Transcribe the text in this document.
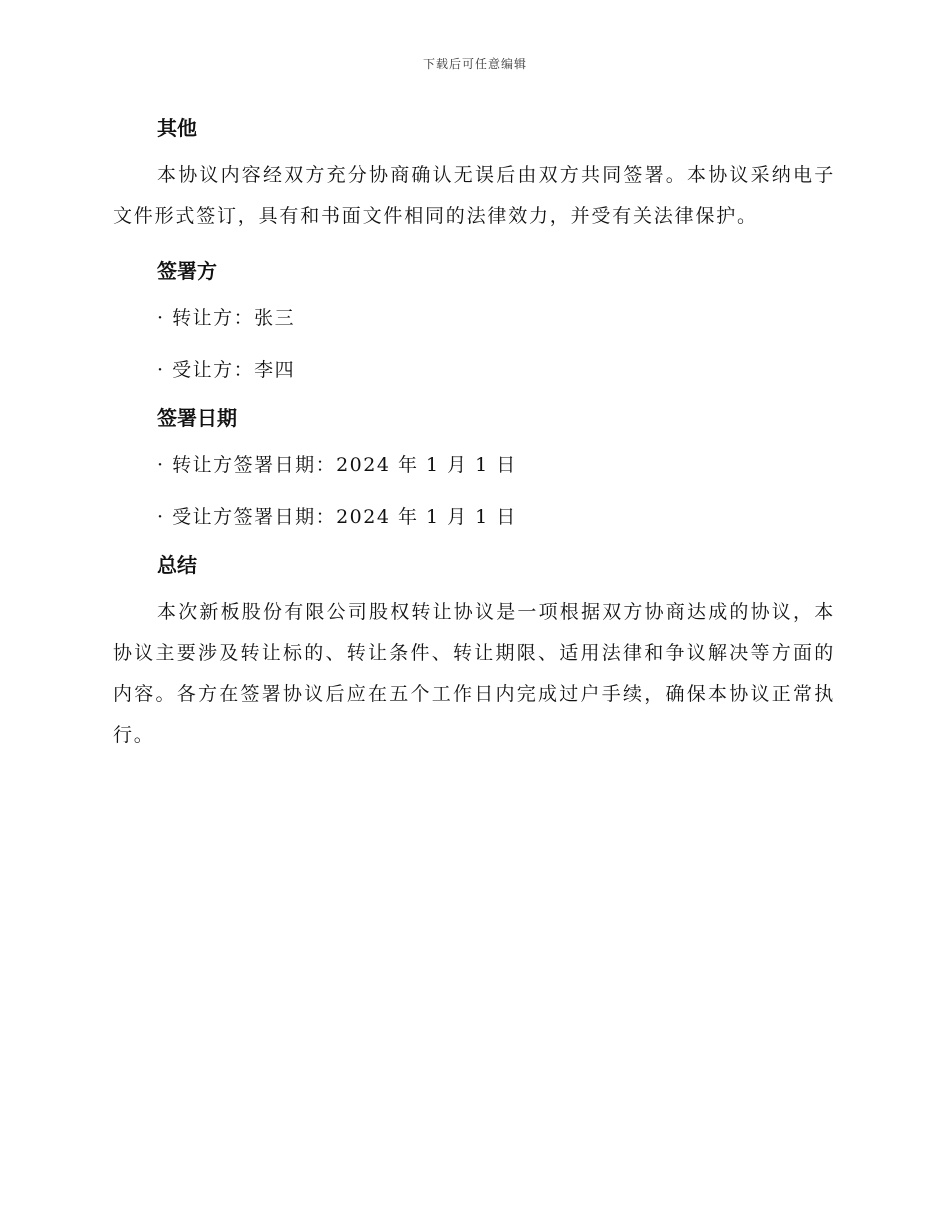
下载后可任意编辑
其他

本协议内容经双方充分协商确认无误后由双方共同签署。本协议采纳电子文件形式签订，具有和书面文件相同的法律效力，并受有关法律保护。

签署方
· 转让方：张三
· 受让方：李四
签署日期
· 转让方签署日期：2024 年 1 月 1 日
· 受让方签署日期：2024 年 1 月 1 日
总结

本次新板股份有限公司股权转让协议是一项根据双方协商达成的协议，本协议主要涉及转让标的、转让条件、转让期限、适用法律和争议解决等方面的内容。各方在签署协议后应在五个工作日内完成过户手续，确保本协议正常执行。
